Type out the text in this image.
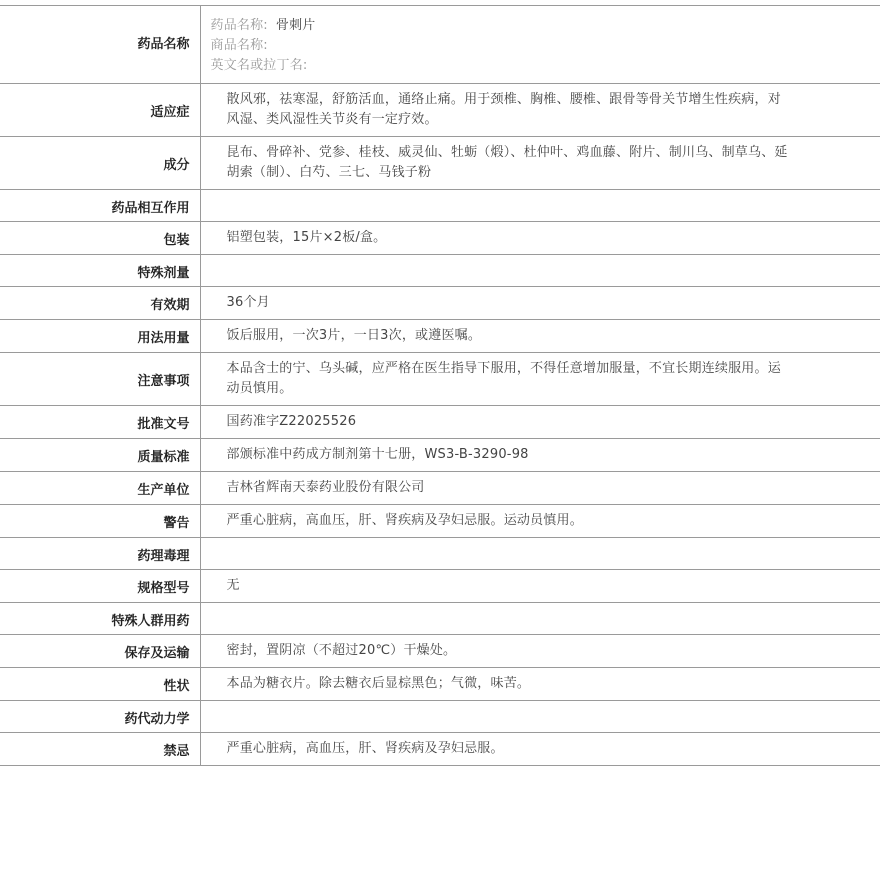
药品名称	药品名称: 骨刺片
商品名称:
英文名或拉丁名:

适应症	散风邪，祛寒湿，舒筋活血，通络止痛。用于颈椎、胸椎、腰椎、跟骨等骨关节增生性疾病，对风湿、类风湿性关节炎有一定疗效。
成分	昆布、骨碎补、党参、桂枝、威灵仙、牡蛎（煅）、杜仲叶、鸡血藤、附片、制川乌、制草乌、延胡索（制）、白芍、三七、马钱子粉
药品相互作用	
包装	铝塑包装，15片×2板/盒。
特殊剂量	
有效期	36个月
用法用量	饭后服用，一次3片，一日3次，或遵医嘱。
注意事项	本品含士的宁、乌头碱，应严格在医生指导下服用，不得任意增加服量，不宜长期连续服用。运动员慎用。
批准文号	国药准字Z22025526
质量标准	部颁标准中药成方制剂第十七册，WS3-B-3290-98
生产单位	吉林省辉南天泰药业股份有限公司
警告	严重心脏病，高血压，肝、肾疾病及孕妇忌服。运动员慎用。
药理毒理	
规格型号	无
特殊人群用药	
保存及运输	密封，置阴凉（不超过20℃）干燥处。
性状	本品为糖衣片。除去糖衣后显棕黑色；气微，味苦。
药代动力学	
禁忌	严重心脏病，高血压，肝、肾疾病及孕妇忌服。
